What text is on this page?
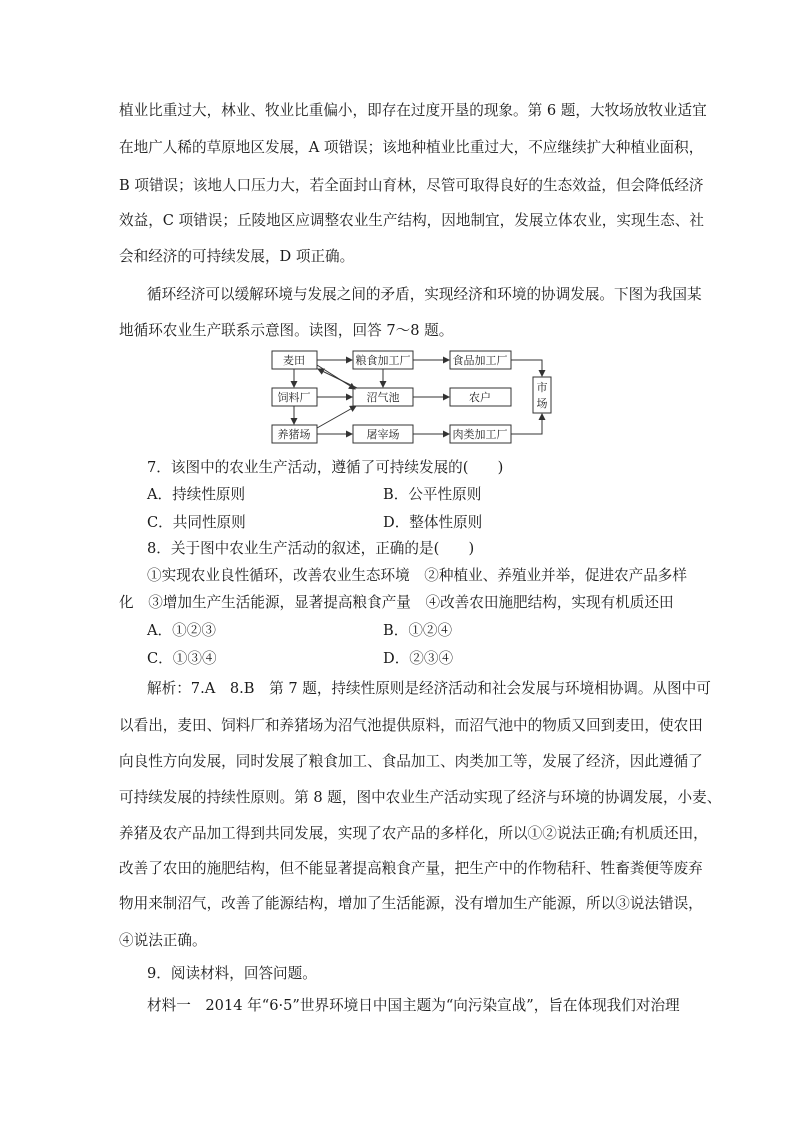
植业比重过大，林业、牧业比重偏小，即存在过度开垦的现象。第 6 题，大牧场放牧业适宜
在地广人稀的草原地区发展，A 项错误；该地种植业比重过大，不应继续扩大种植业面积，
B 项错误；该地人口压力大，若全面封山育林，尽管可取得良好的生态效益，但会降低经济
效益，C 项错误；丘陵地区应调整农业生产结构，因地制宜，发展立体农业，实现生态、社
会和经济的可持续发展，D 项正确。
循环经济可以缓解环境与发展之间的矛盾，实现经济和环境的协调发展。下图为我国某
地循环农业生产联系示意图。读图，回答 7～8 题。
麦田	粮食加工厂	食品加工厂
饲料厂	沼气池	农户
养猪场	屠宰场	肉类加工厂
市
场
7．该图中的农业生产活动，遵循了可持续发展的(　　)
A．持续性原则	B．公平性原则
C．共同性原则	D．整体性原则
8．关于图中农业生产活动的叙述，正确的是(　　)
①实现农业良性循环，改善农业生态环境　②种植业、养殖业并举，促进农产品多样
化　③增加生产生活能源，显著提高粮食产量　④改善农田施肥结构，实现有机质还田
A．①②③	B．①②④
C．①③④	D．②③④
解析：7.A　8.B　第 7 题，持续性原则是经济活动和社会发展与环境相协调。从图中可
以看出，麦田、饲料厂和养猪场为沼气池提供原料，而沼气池中的物质又回到麦田，使农田
向良性方向发展，同时发展了粮食加工、食品加工、肉类加工等，发展了经济，因此遵循了
可持续发展的持续性原则。第 8 题，图中农业生产活动实现了经济与环境的协调发展，小麦、
养猪及农产品加工得到共同发展，实现了农产品的多样化，所以①②说法正确;有机质还田，
改善了农田的施肥结构，但不能显著提高粮食产量，把生产中的作物秸秆、牲畜粪便等废弃
物用来制沼气，改善了能源结构，增加了生活能源，没有增加生产能源，所以③说法错误，
④说法正确。
9．阅读材料，回答问题。
材料一　2014 年“6·5”世界环境日中国主题为“向污染宣战”，旨在体现我们对治理
